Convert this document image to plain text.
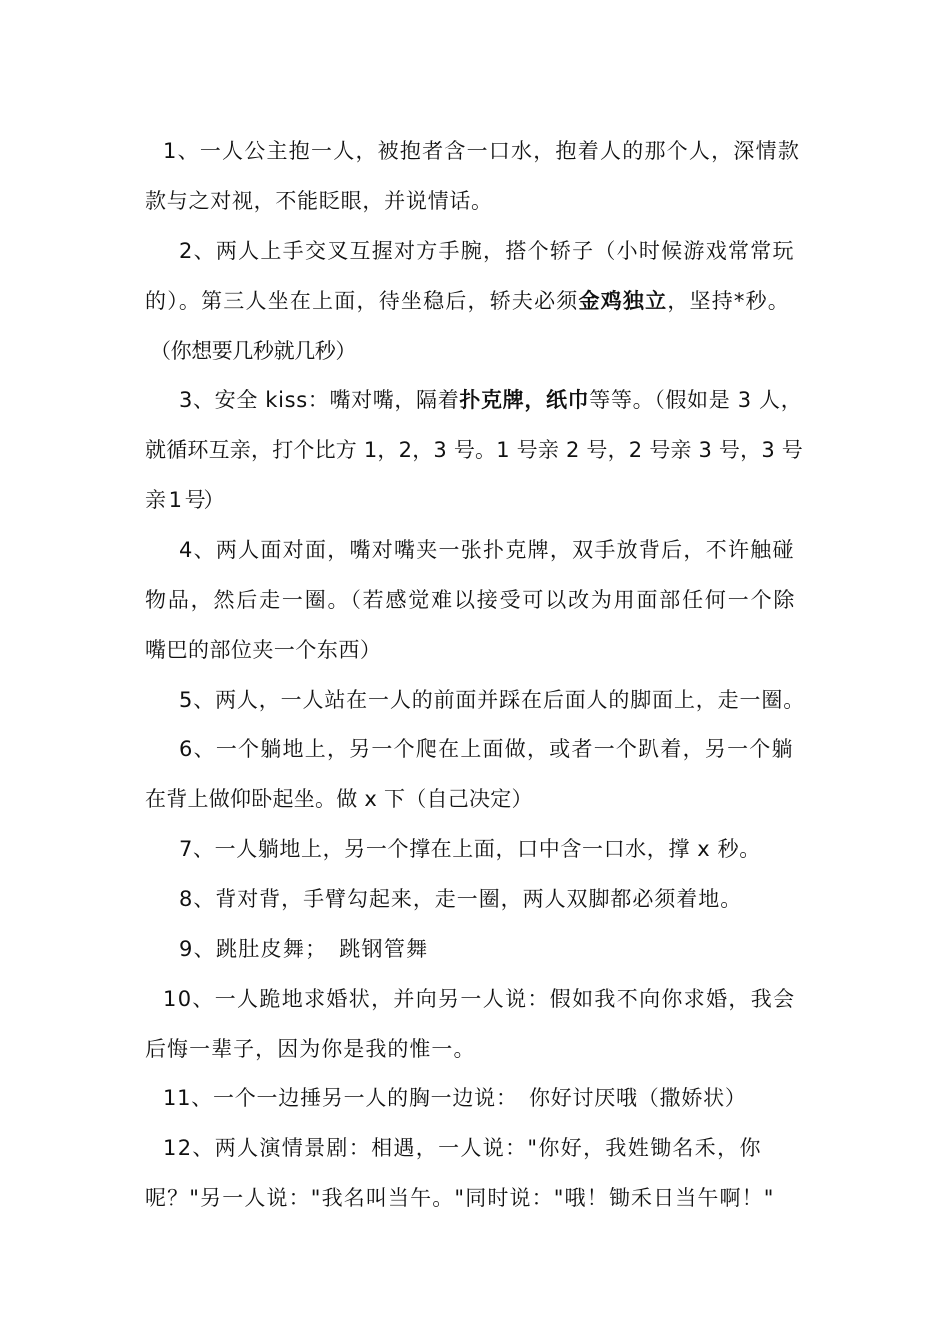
1、一人公主抱一人，被抱者含一口水，抱着人的那个人，深情款
款与之对视，不能眨眼，并说情话。
2、两人上手交叉互握对方手腕，搭个轿子（小时候游戏常常玩
的）。第三人坐在上面，待坐稳后，轿夫必须金鸡独立，坚持*秒。
（你想要几秒就几秒）
3、安全 kiss：嘴对嘴，隔着扑克牌，纸巾等等。（假如是 3 人，
就循环互亲，打个比方 1，2，3 号。1 号亲 2 号，2 号亲 3 号，3 号
亲 1 号）
4、两人面对面，嘴对嘴夹一张扑克牌，双手放背后，不许触碰
物品，然后走一圈。（若感觉难以接受可以改为用面部任何一个除
嘴巴的部位夹一个东西）
5、两人，一人站在一人的前面并踩在后面人的脚面上，走一圈。
6、一个躺地上，另一个爬在上面做，或者一个趴着，另一个躺
在背上做仰卧起坐。做 x 下（自己决定）
7、一人躺地上，另一个撑在上面，口中含一口水，撑 x 秒。
8、背对背，手臂勾起来，走一圈，两人双脚都必须着地。
9、跳肚皮舞；　跳钢管舞
10、一人跪地求婚状，并向另一人说：假如我不向你求婚，我会
后悔一辈子，因为你是我的惟一。
11、一个一边捶另一人的胸一边说：　你好讨厌哦（撒娇状）
12、两人演情景剧：相遇，一人说："你好，我姓锄名禾，你
呢？"另一人说："我名叫当午。"同时说："哦！锄禾日当午啊！"
